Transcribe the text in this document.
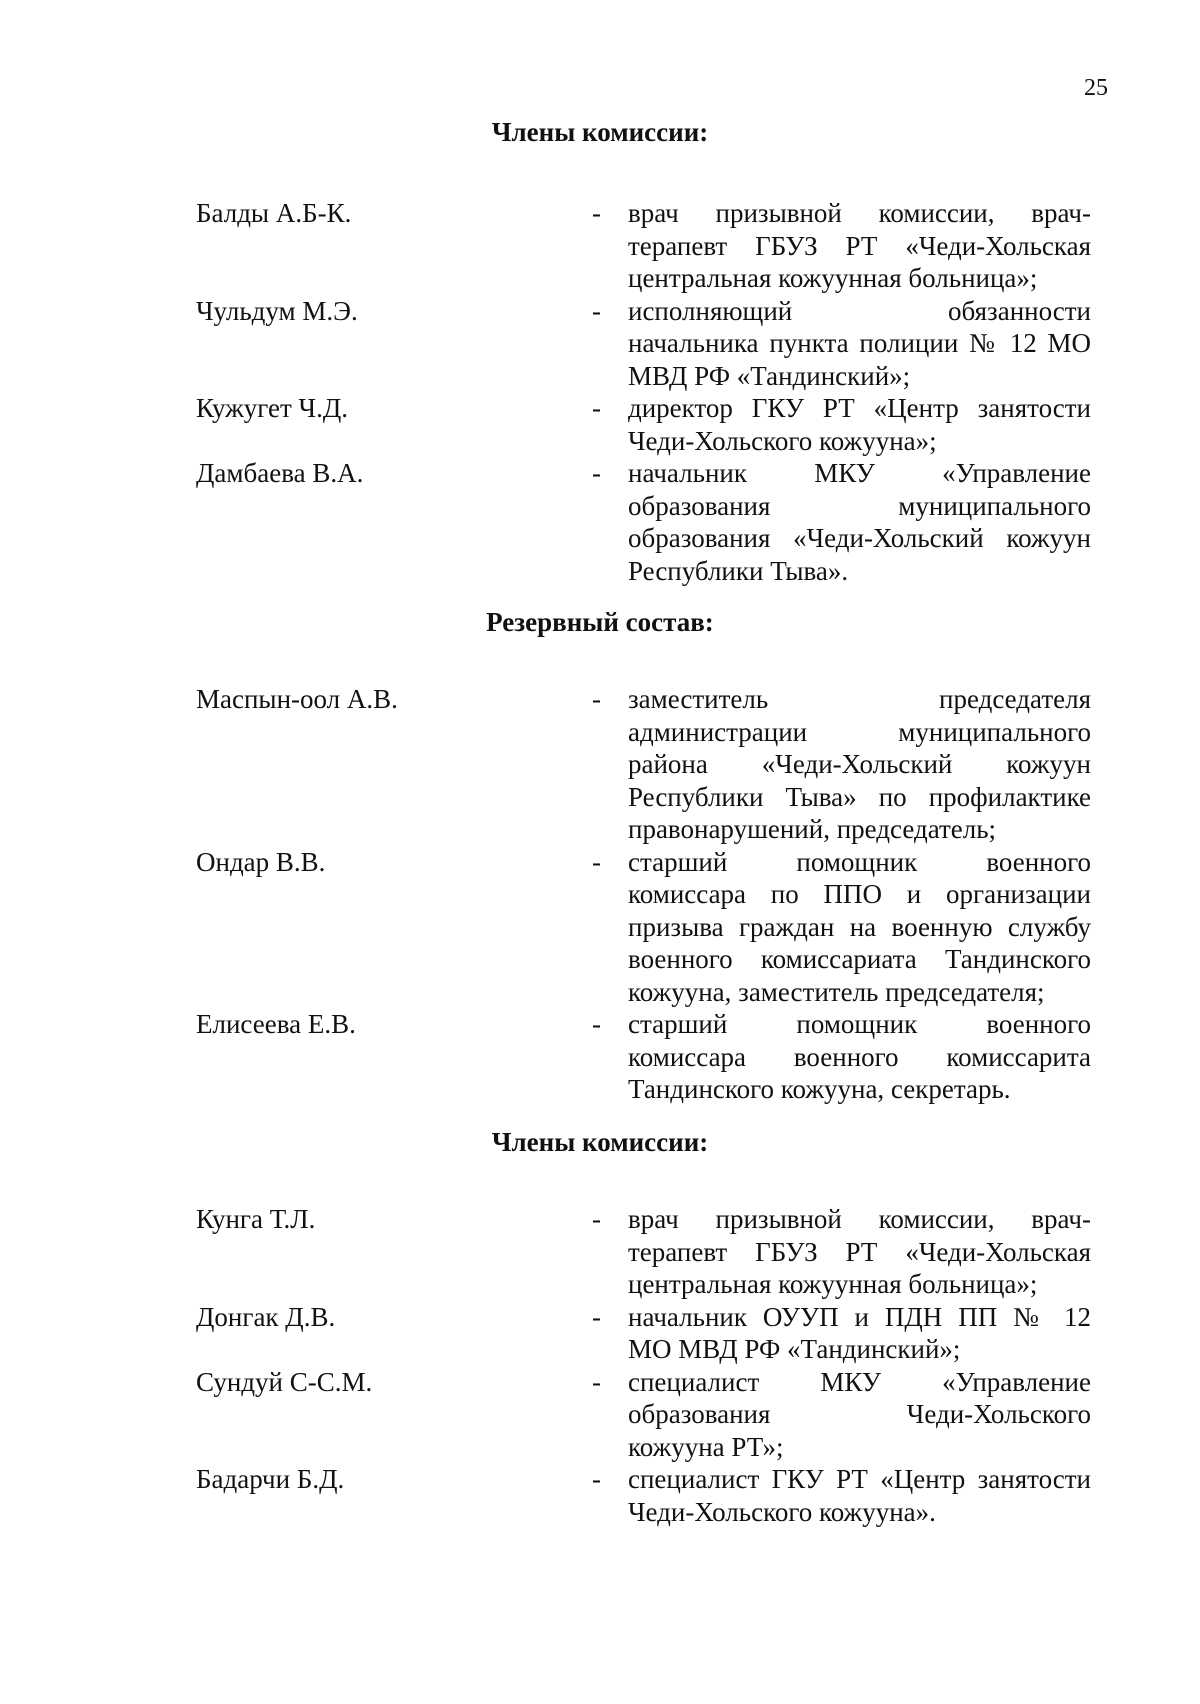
25
Члены комиссии:
Балды А.Б-К.	-	врач призывной комиссии, врач-
терапевт ГБУЗ РТ «Чеди-Хольская
центральная кожуунная больница»;
Чульдум М.Э.	-	исполняющий обязанности
начальника пункта полиции № 12 МО
МВД РФ «Тандинский»;
Кужугет Ч.Д.	-	директор ГКУ РТ «Центр занятости
Чеди-Хольского кожууна»;
Дамбаева В.А.	-	начальник МКУ «Управление
образования муниципального
образования «Чеди-Хольский кожуун
Республики Тыва».
Резервный состав:
Маспын-оол А.В.	-	заместитель председателя
администрации муниципального
района «Чеди-Хольский кожуун
Республики Тыва» по профилактике
правонарушений, председатель;
Ондар В.В.	-	старший помощник военного
комиссара по ППО и организации
призыва граждан на военную службу
военного комиссариата Тандинского
кожууна, заместитель председателя;
Елисеева Е.В.	-	старший помощник военного
комиссара военного комиссарита
Тандинского кожууна, секретарь.
Члены комиссии:
Кунга Т.Л.	-	врач призывной комиссии, врач-
терапевт ГБУЗ РТ «Чеди-Хольская
центральная кожуунная больница»;
Донгак Д.В.	-	начальник ОУУП и ПДН ПП № 12
МО МВД РФ «Тандинский»;
Сундуй С-С.М.	-	специалист МКУ «Управление
образования Чеди-Хольского
кожууна РТ»;
Бадарчи Б.Д.	-	специалист ГКУ РТ «Центр занятости
Чеди-Хольского кожууна».
